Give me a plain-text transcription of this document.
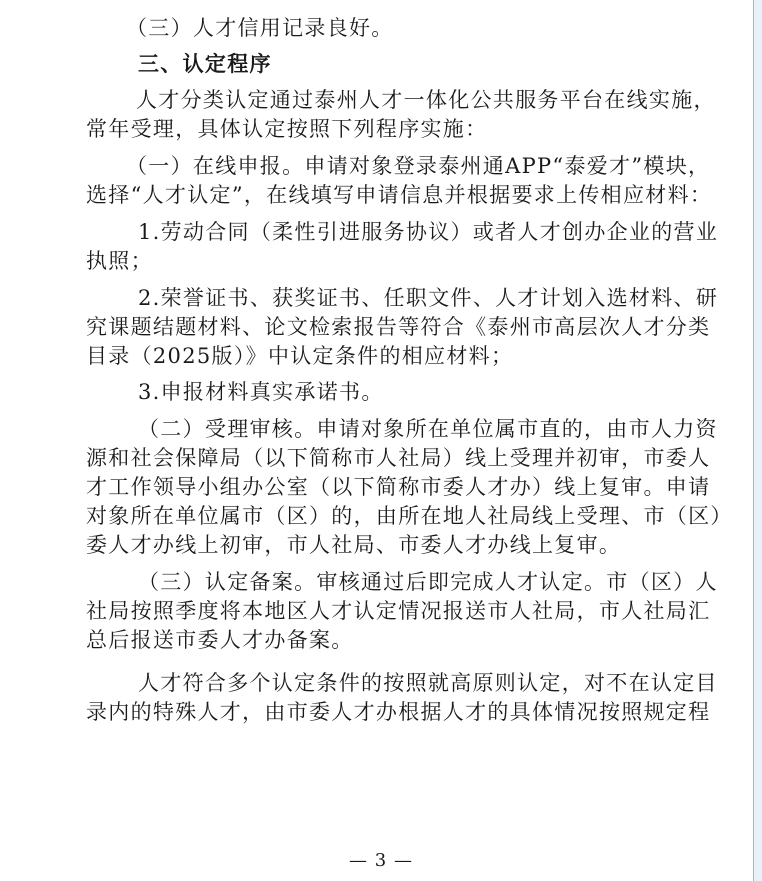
（三）人才信用记录良好。
三、认定程序
人才分类认定通过泰州人才一体化公共服务平台在线实施，
常年受理，具体认定按照下列程序实施：
（一）在线申报。申请对象登录泰州通APP“泰爱才”模块，
选择“人才认定”，在线填写申请信息并根据要求上传相应材料：
1.劳动合同（柔性引进服务协议）或者人才创办企业的营业
执照；
2.荣誉证书、获奖证书、任职文件、人才计划入选材料、研
究课题结题材料、论文检索报告等符合《泰州市高层次人才分类
目录（2025版）》中认定条件的相应材料；
3.申报材料真实承诺书。
（二）受理审核。申请对象所在单位属市直的，由市人力资
源和社会保障局（以下简称市人社局）线上受理并初审，市委人
才工作领导小组办公室（以下简称市委人才办）线上复审。申请
对象所在单位属市（区）的，由所在地人社局线上受理、市（区）
委人才办线上初审，市人社局、市委人才办线上复审。
（三）认定备案。审核通过后即完成人才认定。市（区）人
社局按照季度将本地区人才认定情况报送市人社局，市人社局汇
总后报送市委人才办备案。
人才符合多个认定条件的按照就高原则认定，对不在认定目
录内的特殊人才，由市委人才办根据人才的具体情况按照规定程
— 3 —
